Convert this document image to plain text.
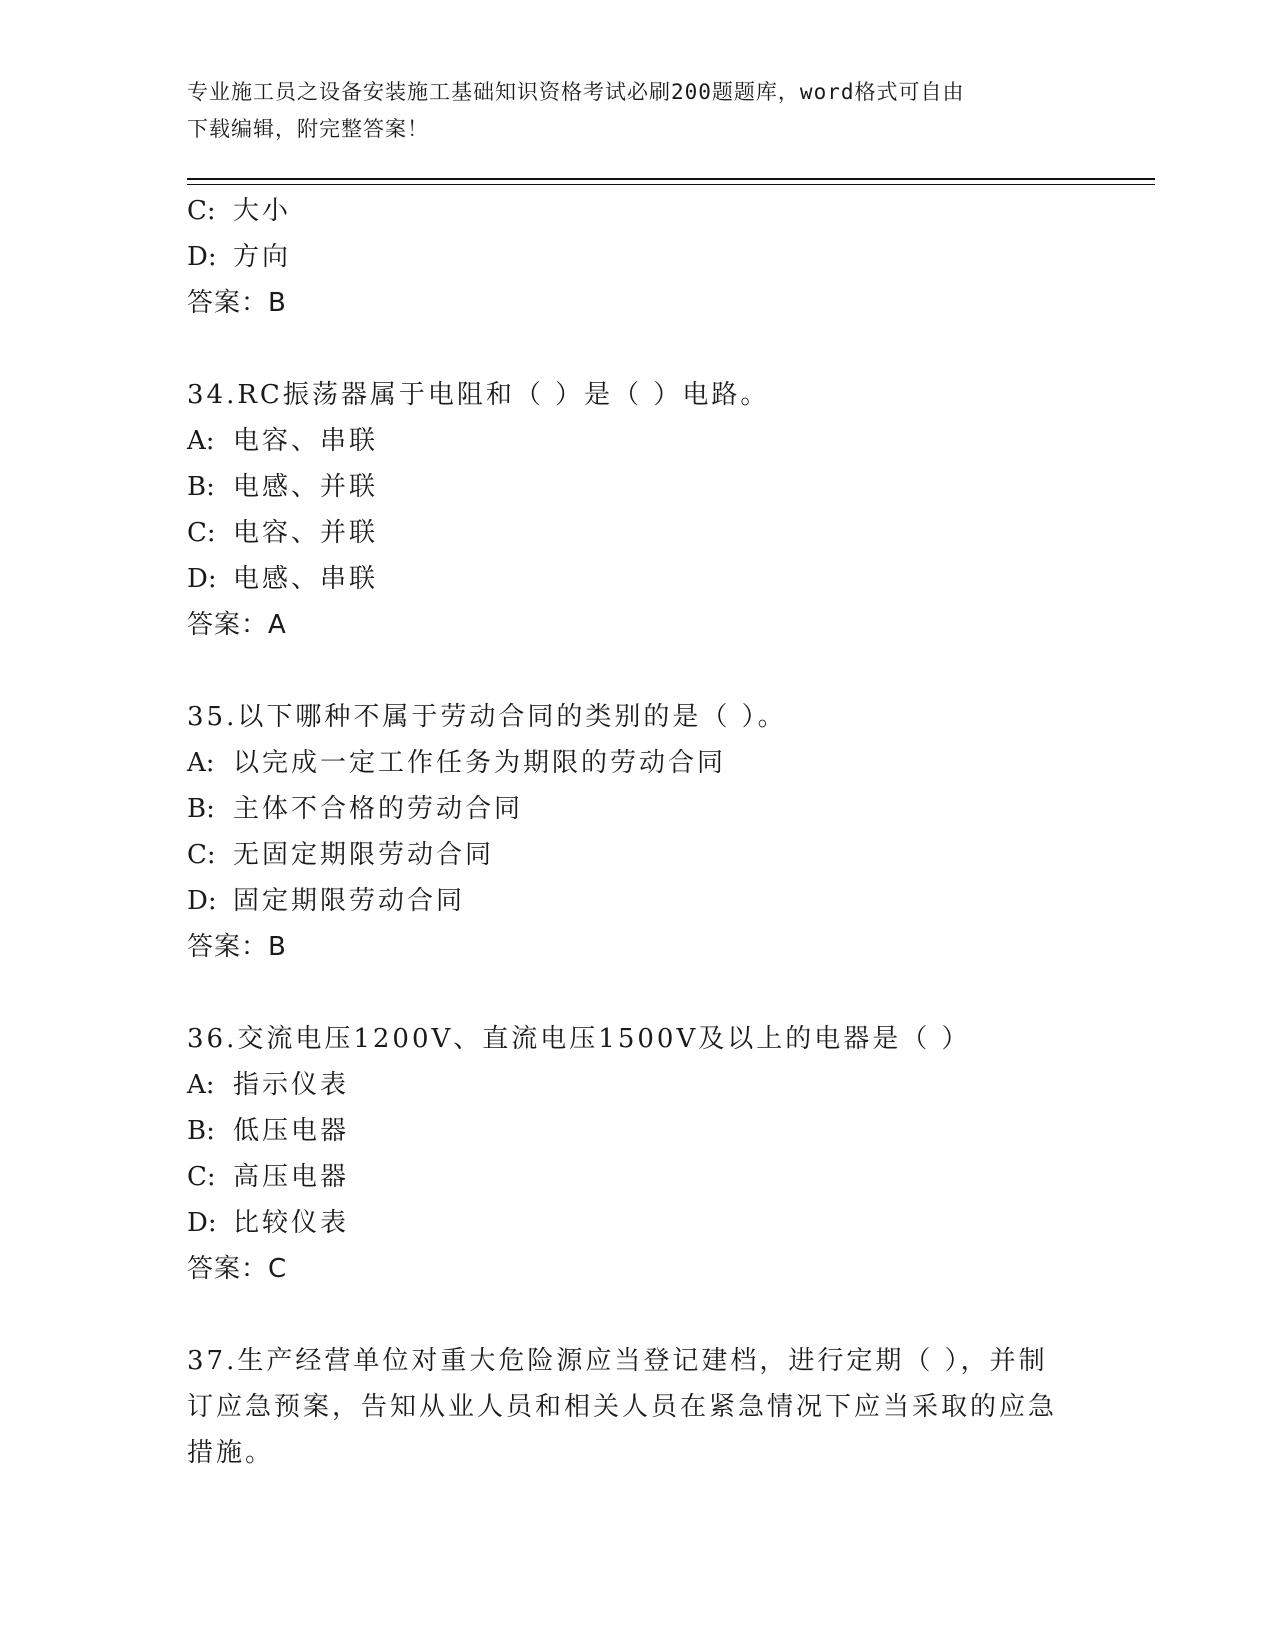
专业施工员之设备安装施工基础知识资格考试必刷200题题库，word格式可自由
下载编辑，附完整答案！
C: 大小
D: 方向
答案：B
34.RC振荡器属于电阻和（ ）是（ ）电路。
A: 电容、串联
B: 电感、并联
C: 电容、并联
D: 电感、串联
答案：A
35.以下哪种不属于劳动合同的类别的是（ ）。
A: 以完成一定工作任务为期限的劳动合同
B: 主体不合格的劳动合同
C: 无固定期限劳动合同
D: 固定期限劳动合同
答案：B
36.交流电压1200V、直流电压1500V及以上的电器是（ ）
A: 指示仪表
B: 低压电器
C: 高压电器
D: 比较仪表
答案：C
37.生产经营单位对重大危险源应当登记建档，进行定期（ ），并制
订应急预案，告知从业人员和相关人员在紧急情况下应当采取的应急
措施。
